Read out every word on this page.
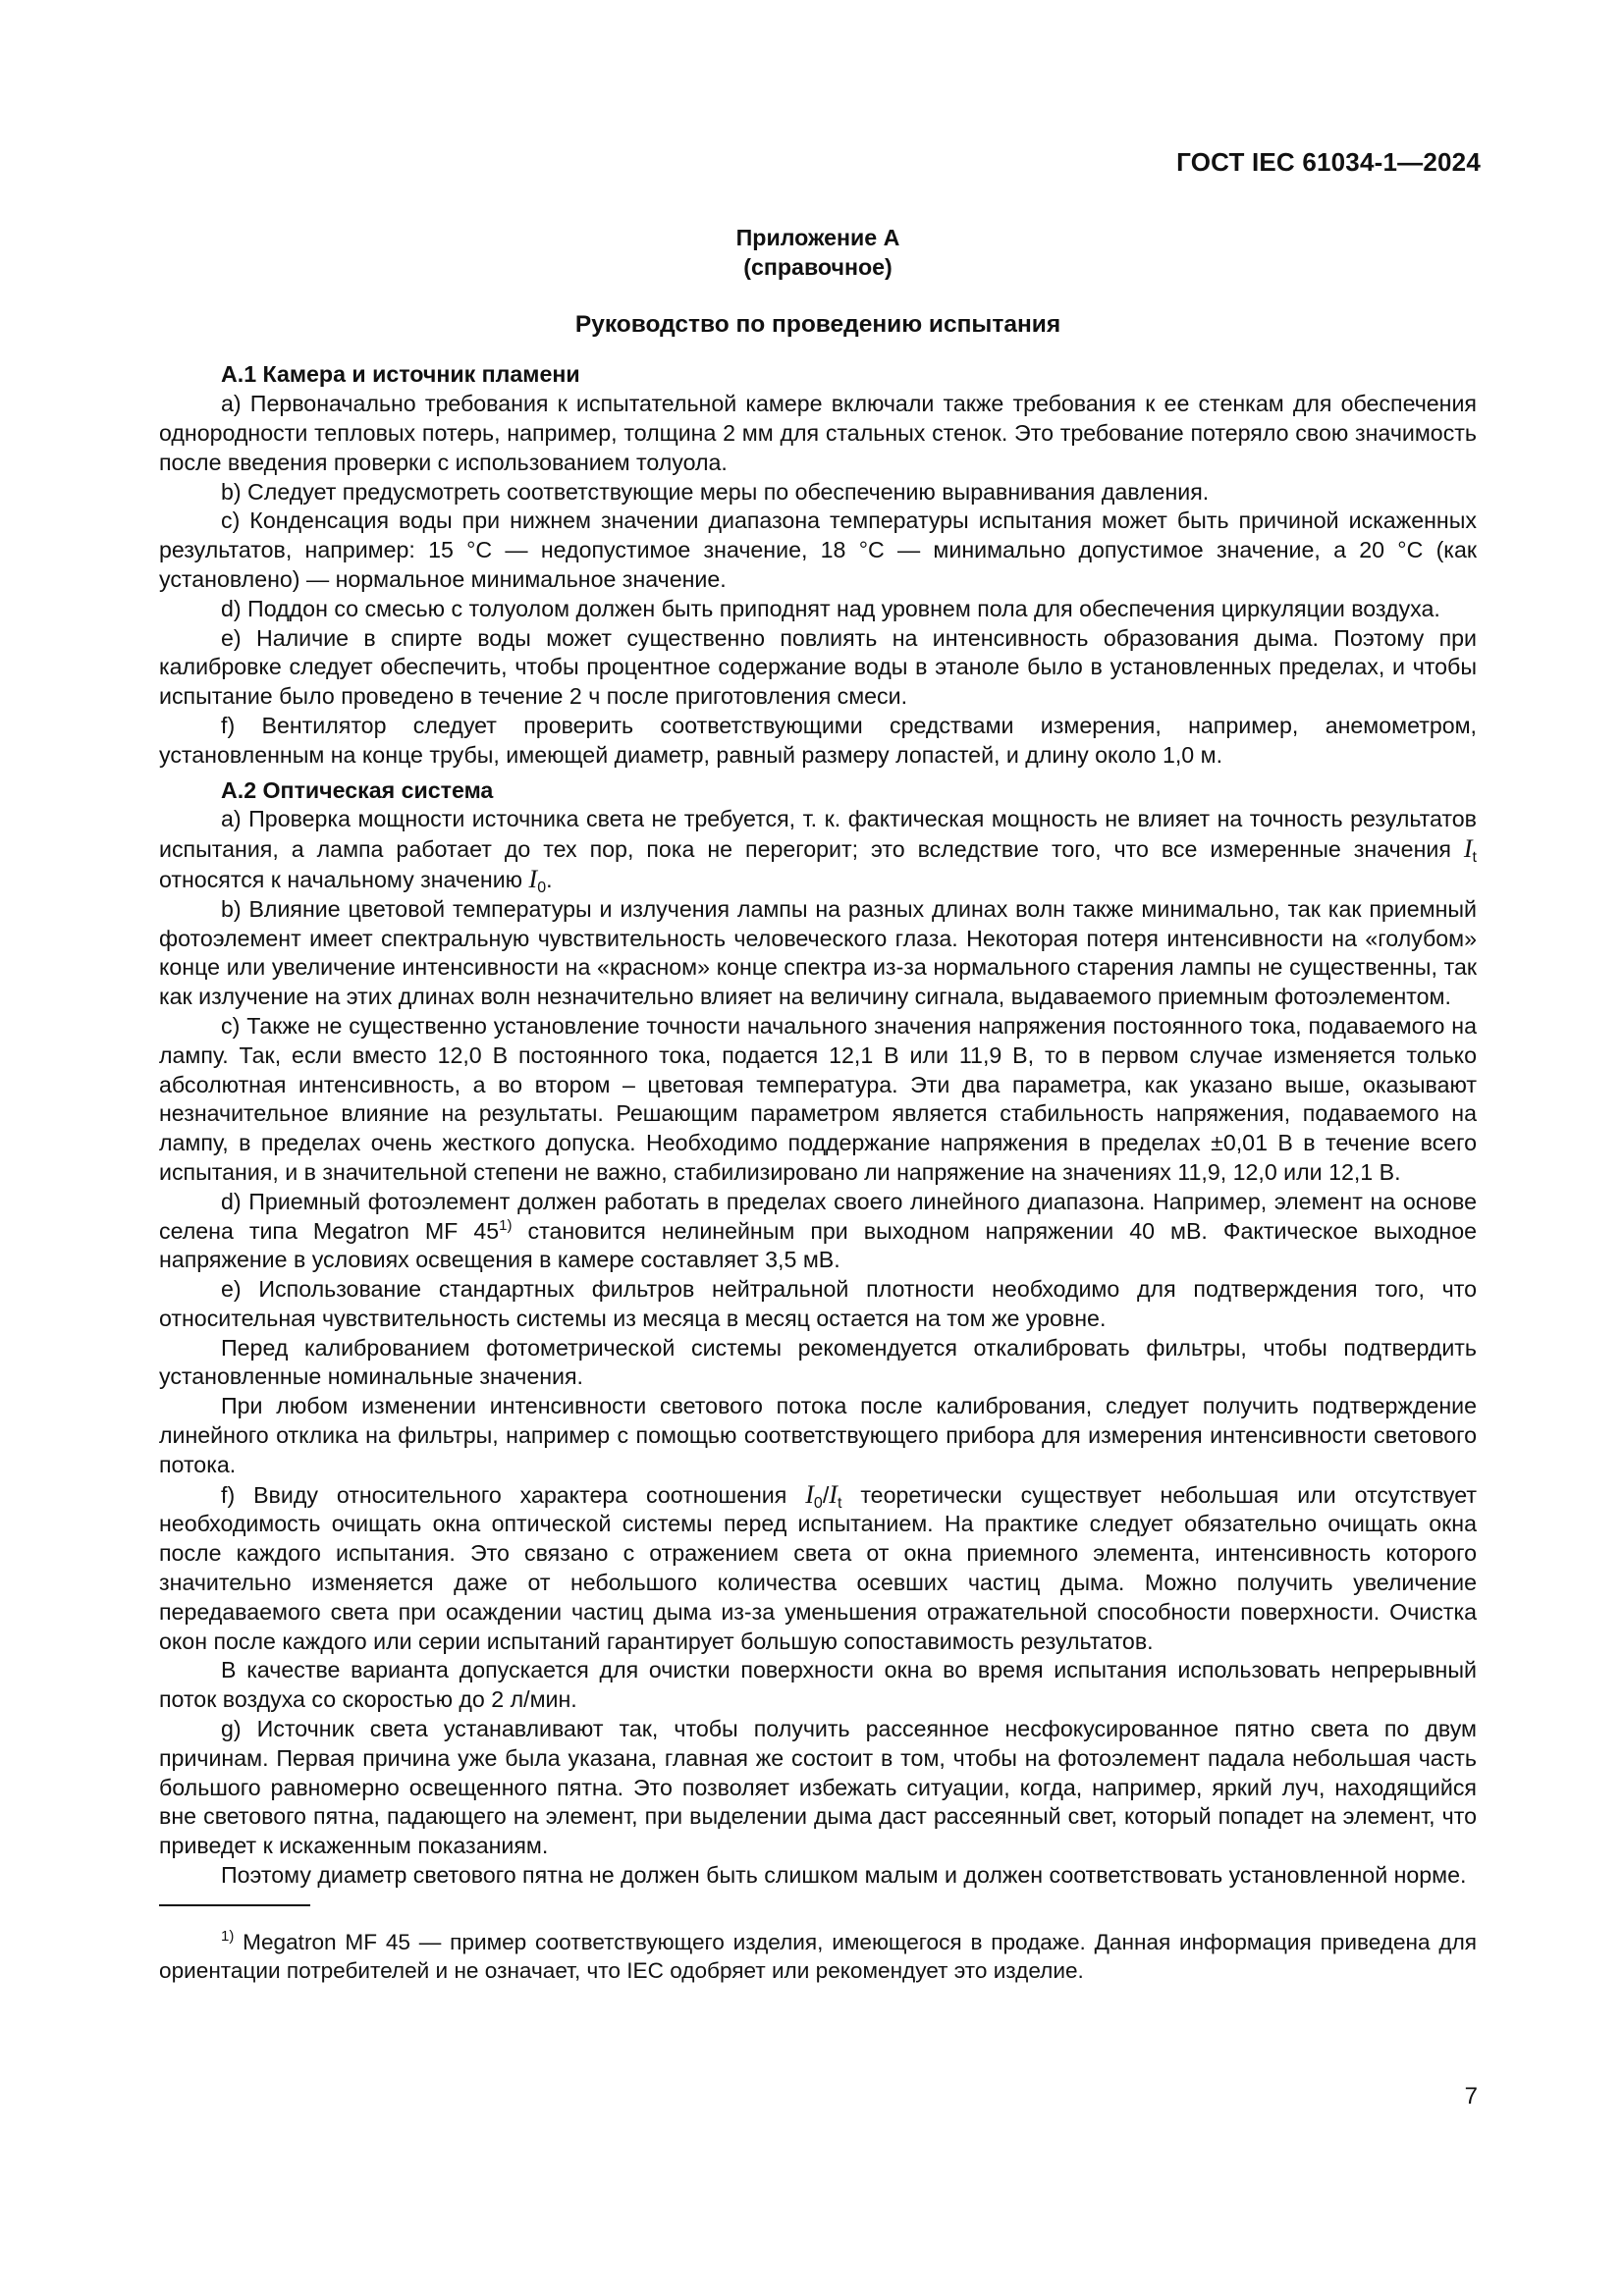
ГОСТ IEC 61034-1—2024

Приложение А

(справочное)

Руководство по проведению испытания

А.1 Камера и источник пламени

a) Первоначально требования к испытательной камере включали также требования к ее стенкам для обеспечения однородности тепловых потерь, например, толщина 2 мм для стальных стенок. Это требование потеряло свою значимость после введения проверки с использованием толуола.

b) Следует предусмотреть соответствующие меры по обеспечению выравнивания давления.

c) Конденсация воды при нижнем значении диапазона температуры испытания может быть причиной искаженных результатов, например: 15 °С — недопустимое значение, 18 °С — минимально допустимое значение, а 20 °С (как установлено) — нормальное минимальное значение.

d) Поддон со смесью с толуолом должен быть приподнят над уровнем пола для обеспечения циркуляции воздуха.

e) Наличие в спирте воды может существенно повлиять на интенсивность образования дыма. Поэтому при калибровке следует обеспечить, чтобы процентное содержание воды в этаноле было в установленных пределах, и чтобы испытание было проведено в течение 2 ч после приготовления смеси.

f) Вентилятор следует проверить соответствующими средствами измерения, например, анемометром, установленным на конце трубы, имеющей диаметр, равный размеру лопастей, и длину около 1,0 м.

А.2 Оптическая система

a) Проверка мощности источника света не требуется, т. к. фактическая мощность не влияет на точность результатов испытания, а лампа работает до тех пор, пока не перегорит; это вследствие того, что все измеренные значения $I_t$ относятся к начальному значению $I_0$.

b) Влияние цветовой температуры и излучения лампы на разных длинах волн также минимально, так как приемный фотоэлемент имеет спектральную чувствительность человеческого глаза. Некоторая потеря интенсивности на «голубом» конце или увеличение интенсивности на «красном» конце спектра из-за нормального старения лампы не существенны, так как излучение на этих длинах волн незначительно влияет на величину сигнала, выдаваемого приемным фотоэлементом.

c) Также не существенно установление точности начального значения напряжения постоянного тока, подаваемого на лампу. Так, если вместо 12,0 В постоянного тока, подается 12,1 В или 11,9 В, то в первом случае изменяется только абсолютная интенсивность, а во втором – цветовая температура. Эти два параметра, как указано выше, оказывают незначительное влияние на результаты. Решающим параметром является стабильность напряжения, подаваемого на лампу, в пределах очень жесткого допуска. Необходимо поддержание напряжения в пределах ±0,01 В в течение всего испытания, и в значительной степени не важно, стабилизировано ли напряжение на значениях 11,9, 12,0 или 12,1 В.

d) Приемный фотоэлемент должен работать в пределах своего линейного диапазона. Например, элемент на основе селена типа Megatron MF 45$^{1)}$ становится нелинейным при выходном напряжении 40 мВ. Фактическое выходное напряжение в условиях освещения в камере составляет 3,5 мВ.

e) Использование стандартных фильтров нейтральной плотности необходимо для подтверждения того, что относительная чувствительность системы из месяца в месяц остается на том же уровне.

Перед калиброванием фотометрической системы рекомендуется откалибровать фильтры, чтобы подтвердить установленные номинальные значения.

При любом изменении интенсивности светового потока после калибрования, следует получить подтверждение линейного отклика на фильтры, например с помощью соответствующего прибора для измерения интенсивности светового потока.

f) Ввиду относительного характера соотношения $I_0/I_t$ теоретически существует небольшая или отсутствует необходимость очищать окна оптической системы перед испытанием. На практике следует обязательно очищать окна после каждого испытания. Это связано с отражением света от окна приемного элемента, интенсивность которого значительно изменяется даже от небольшого количества осевших частиц дыма. Можно получить увеличение передаваемого света при осаждении частиц дыма из-за уменьшения отражательной способности поверхности. Очистка окон после каждого или серии испытаний гарантирует большую сопоставимость результатов.

В качестве варианта допускается для очистки поверхности окна во время испытания использовать непрерывный поток воздуха со скоростью до 2 л/мин.

g) Источник света устанавливают так, чтобы получить рассеянное несфокусированное пятно света по двум причинам. Первая причина уже была указана, главная же состоит в том, чтобы на фотоэлемент падала небольшая часть большого равномерно освещенного пятна. Это позволяет избежать ситуации, когда, например, яркий луч, находящийся вне светового пятна, падающего на элемент, при выделении дыма даст рассеянный свет, который попадет на элемент, что приведет к искаженным показаниям.

Поэтому диаметр светового пятна не должен быть слишком малым и должен соответствовать установленной норме.

$^{1)}$ Megatron MF 45 — пример соответствующего изделия, имеющегося в продаже. Данная информация приведена для ориентации потребителей и не означает, что IEC одобряет или рекомендует это изделие.

7
